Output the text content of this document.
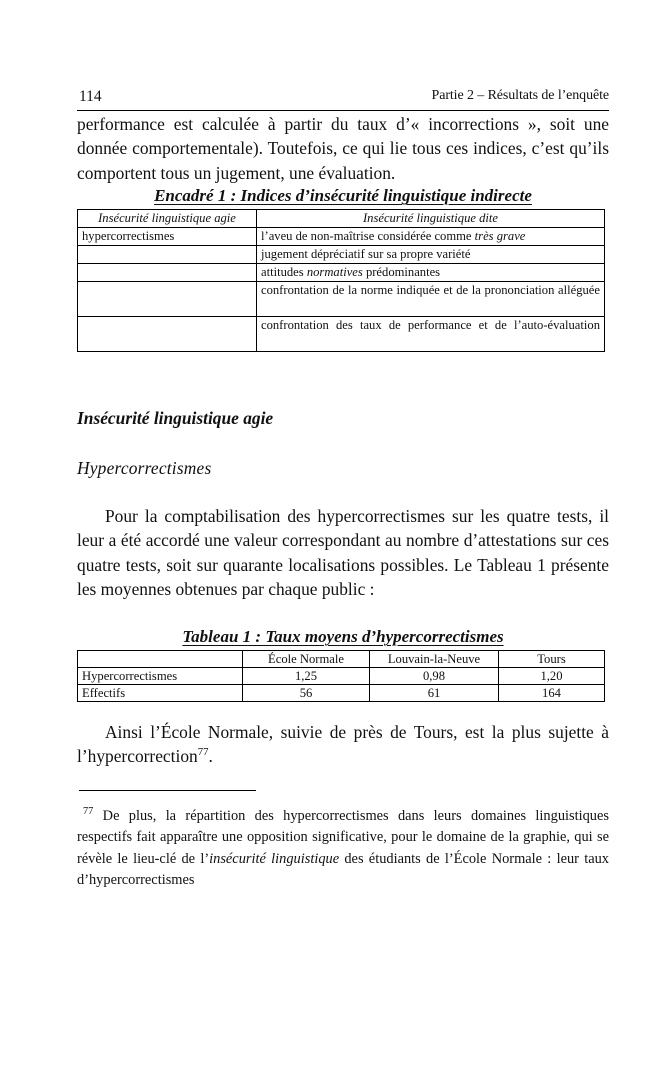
114	Partie 2 – Résultats de l’enquête

performance est calculée à partir du taux d’« incorrections », soit une donnée comportementale). Toutefois, ce qui lie tous ces indices, c’est qu’ils comportent tous un jugement, une évaluation.

Encadré 1 : Indices d’insécurité linguistique indirecte
Insécurité linguistique agie	Insécurité linguistique dite
hypercorrectismes	l’aveu de non-maîtrise considérée comme très grave
	jugement dépréciatif sur sa propre variété
	attitudes normatives prédominantes
	confrontation de la norme indiquée et de la prononciation alléguée
	confrontation des taux de performance et de l’auto-évaluation
Insécurité linguistique agie
Hypercorrectismes

Pour la comptabilisation des hypercorrectismes sur les quatre tests, il leur a été accordé une valeur correspondant au nombre d’attestations sur ces quatre tests, soit sur quarante localisations possibles. Le Tableau 1 présente les moyennes obtenues par chaque public :

Tableau 1 : Taux moyens d’hypercorrectismes
	École Normale	Louvain-la-Neuve	Tours
Hypercorrectismes	1,25	0,98	1,20
Effectifs	56	61	164

Ainsi l’École Normale, suivie de près de Tours, est la plus sujette à l’hypercorrection$^{77}$.

$^{77}$ De plus, la répartition des hypercorrectismes dans leurs domaines linguistiques respectifs fait apparaître une opposition significative, pour le domaine de la graphie, qui se révèle le lieu-clé de l’insécurité linguistique des étudiants de l’École Normale : leur taux d’hypercorrectismes
